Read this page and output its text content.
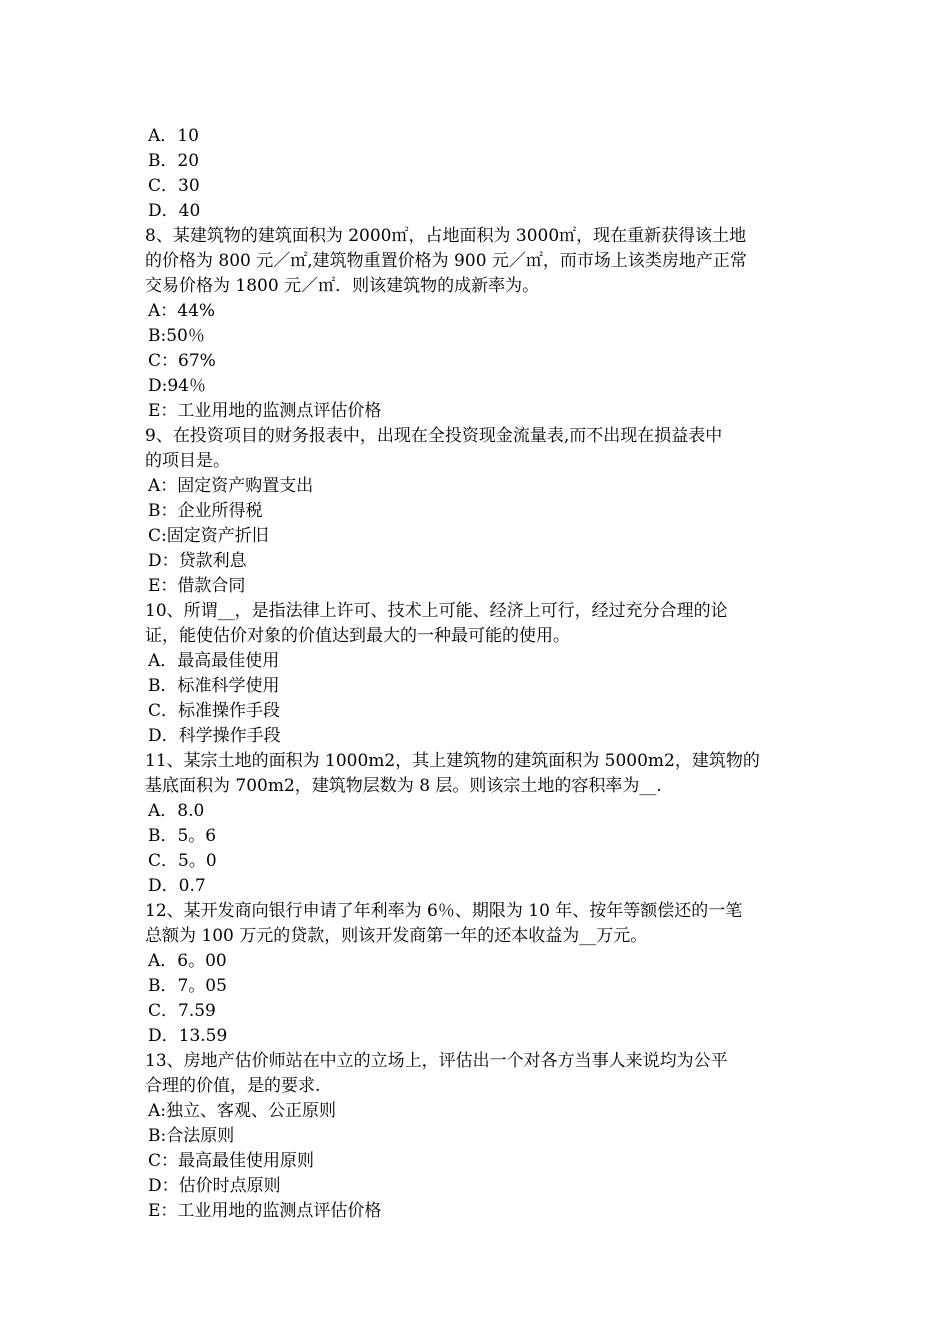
A．10
B．20
C．30
D．40
8、某建筑物的建筑面积为 2000㎡，占地面积为 3000㎡，现在重新获得该土地
的价格为 800 元／㎡,建筑物重置价格为 900 元／㎡，而市场上该类房地产正常
交易价格为 1800 元／㎡．则该建筑物的成新率为。
A：44%
B:50％
C：67%
D:94％
E：工业用地的监测点评估价格
9、在投资项目的财务报表中，出现在全投资现金流量表,而不出现在损益表中
的项目是。
A：固定资产购置支出
B：企业所得税
C:固定资产折旧
D：贷款利息
E：借款合同
10、所谓__，是指法律上许可、技术上可能、经济上可行，经过充分合理的论
证，能使估价对象的价值达到最大的一种最可能的使用。
A．最高最佳使用
B．标准科学使用
C．标准操作手段
D．科学操作手段
11、某宗土地的面积为 1000m2，其上建筑物的建筑面积为 5000m2，建筑物的
基底面积为 700m2，建筑物层数为 8 层。则该宗土地的容积率为__.
A．8.0
B．5。6
C．5。0
D．0.7
12、某开发商向银行申请了年利率为 6％、期限为 10 年、按年等额偿还的一笔
总额为 100 万元的贷款，则该开发商第一年的还本收益为__万元。
A．6。00
B．7。05
C．7.59
D．13.59
13、房地产估价师站在中立的立场上，评估出一个对各方当事人来说均为公平
合理的价值，是的要求.
A:独立、客观、公正原则
B:合法原则
C：最高最佳使用原则
D：估价时点原则
E：工业用地的监测点评估价格
